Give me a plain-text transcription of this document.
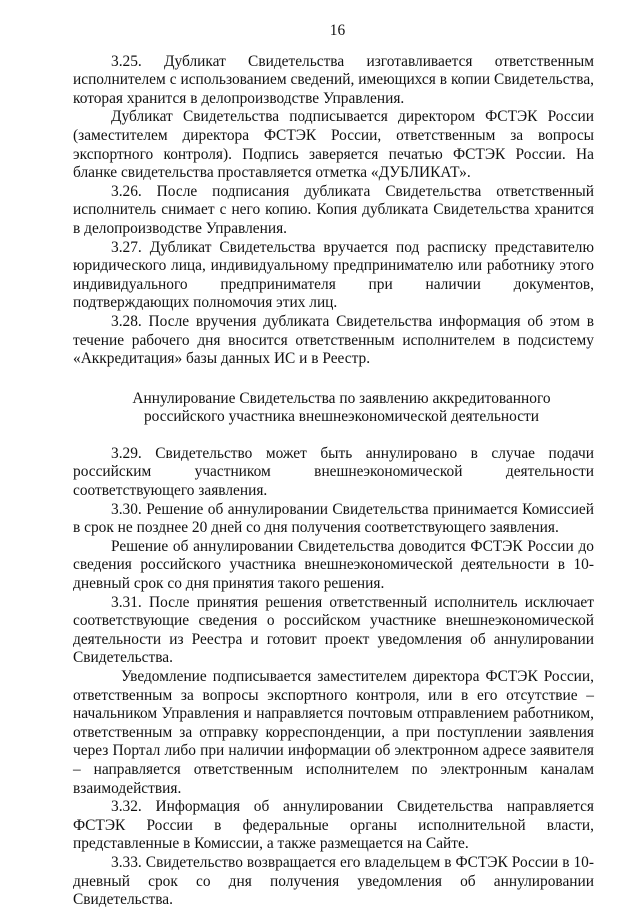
16

3.25. Дубликат Свидетельства изготавливается ответственным исполнителем с использованием сведений, имеющихся в копии Свидетельства, которая хранится в делопроизводстве Управления.

Дубликат Свидетельства подписывается директором ФСТЭК России (заместителем директора ФСТЭК России, ответственным за вопросы экспортного контроля). Подпись заверяется печатью ФСТЭК России. На бланке свидетельства проставляется отметка «ДУБЛИКАТ».

3.26. После подписания дубликата Свидетельства ответственный исполнитель снимает с него копию. Копия дубликата Свидетельства хранится в делопроизводстве Управления.

3.27. Дубликат Свидетельства вручается под расписку представителю юридического лица, индивидуальному предпринимателю или работнику этого индивидуального предпринимателя при наличии документов, подтверждающих полномочия этих лиц.

3.28. После вручения дубликата Свидетельства информация об этом в течение рабочего дня вносится ответственным исполнителем в подсистему «Аккредитация» базы данных ИС и в Реестр.

Аннулирование Свидетельства по заявлению аккредитованного
российского участника внешнеэкономической деятельности

3.29. Свидетельство может быть аннулировано в случае подачи российским участником внешнеэкономической деятельности соответствующего заявления.

3.30. Решение об аннулировании Свидетельства принимается Комиссией в срок не позднее 20 дней со дня получения соответствующего заявления.

Решение об аннулировании Свидетельства доводится ФСТЭК России до сведения российского участника внешнеэкономической деятельности в 10-дневный срок со дня принятия такого решения.

3.31. После принятия решения ответственный исполнитель исключает соответствующие сведения о российском участнике внешнеэкономической деятельности из Реестра и готовит проект уведомления об аннулировании Свидетельства.

Уведомление подписывается заместителем директора ФСТЭК России, ответственным за вопросы экспортного контроля, или в его отсутствие – начальником Управления и направляется почтовым отправлением работником, ответственным за отправку корреспонденции, а при поступлении заявления через Портал либо при наличии информации об электронном адресе заявителя – направляется ответственным исполнителем по электронным каналам взаимодействия.

3.32. Информация об аннулировании Свидетельства направляется ФСТЭК России в федеральные органы исполнительной власти, представленные в Комиссии, а также размещается на Сайте.

3.33. Свидетельство возвращается его владельцем в ФСТЭК России в 10-дневный срок со дня получения уведомления об аннулировании Свидетельства.
